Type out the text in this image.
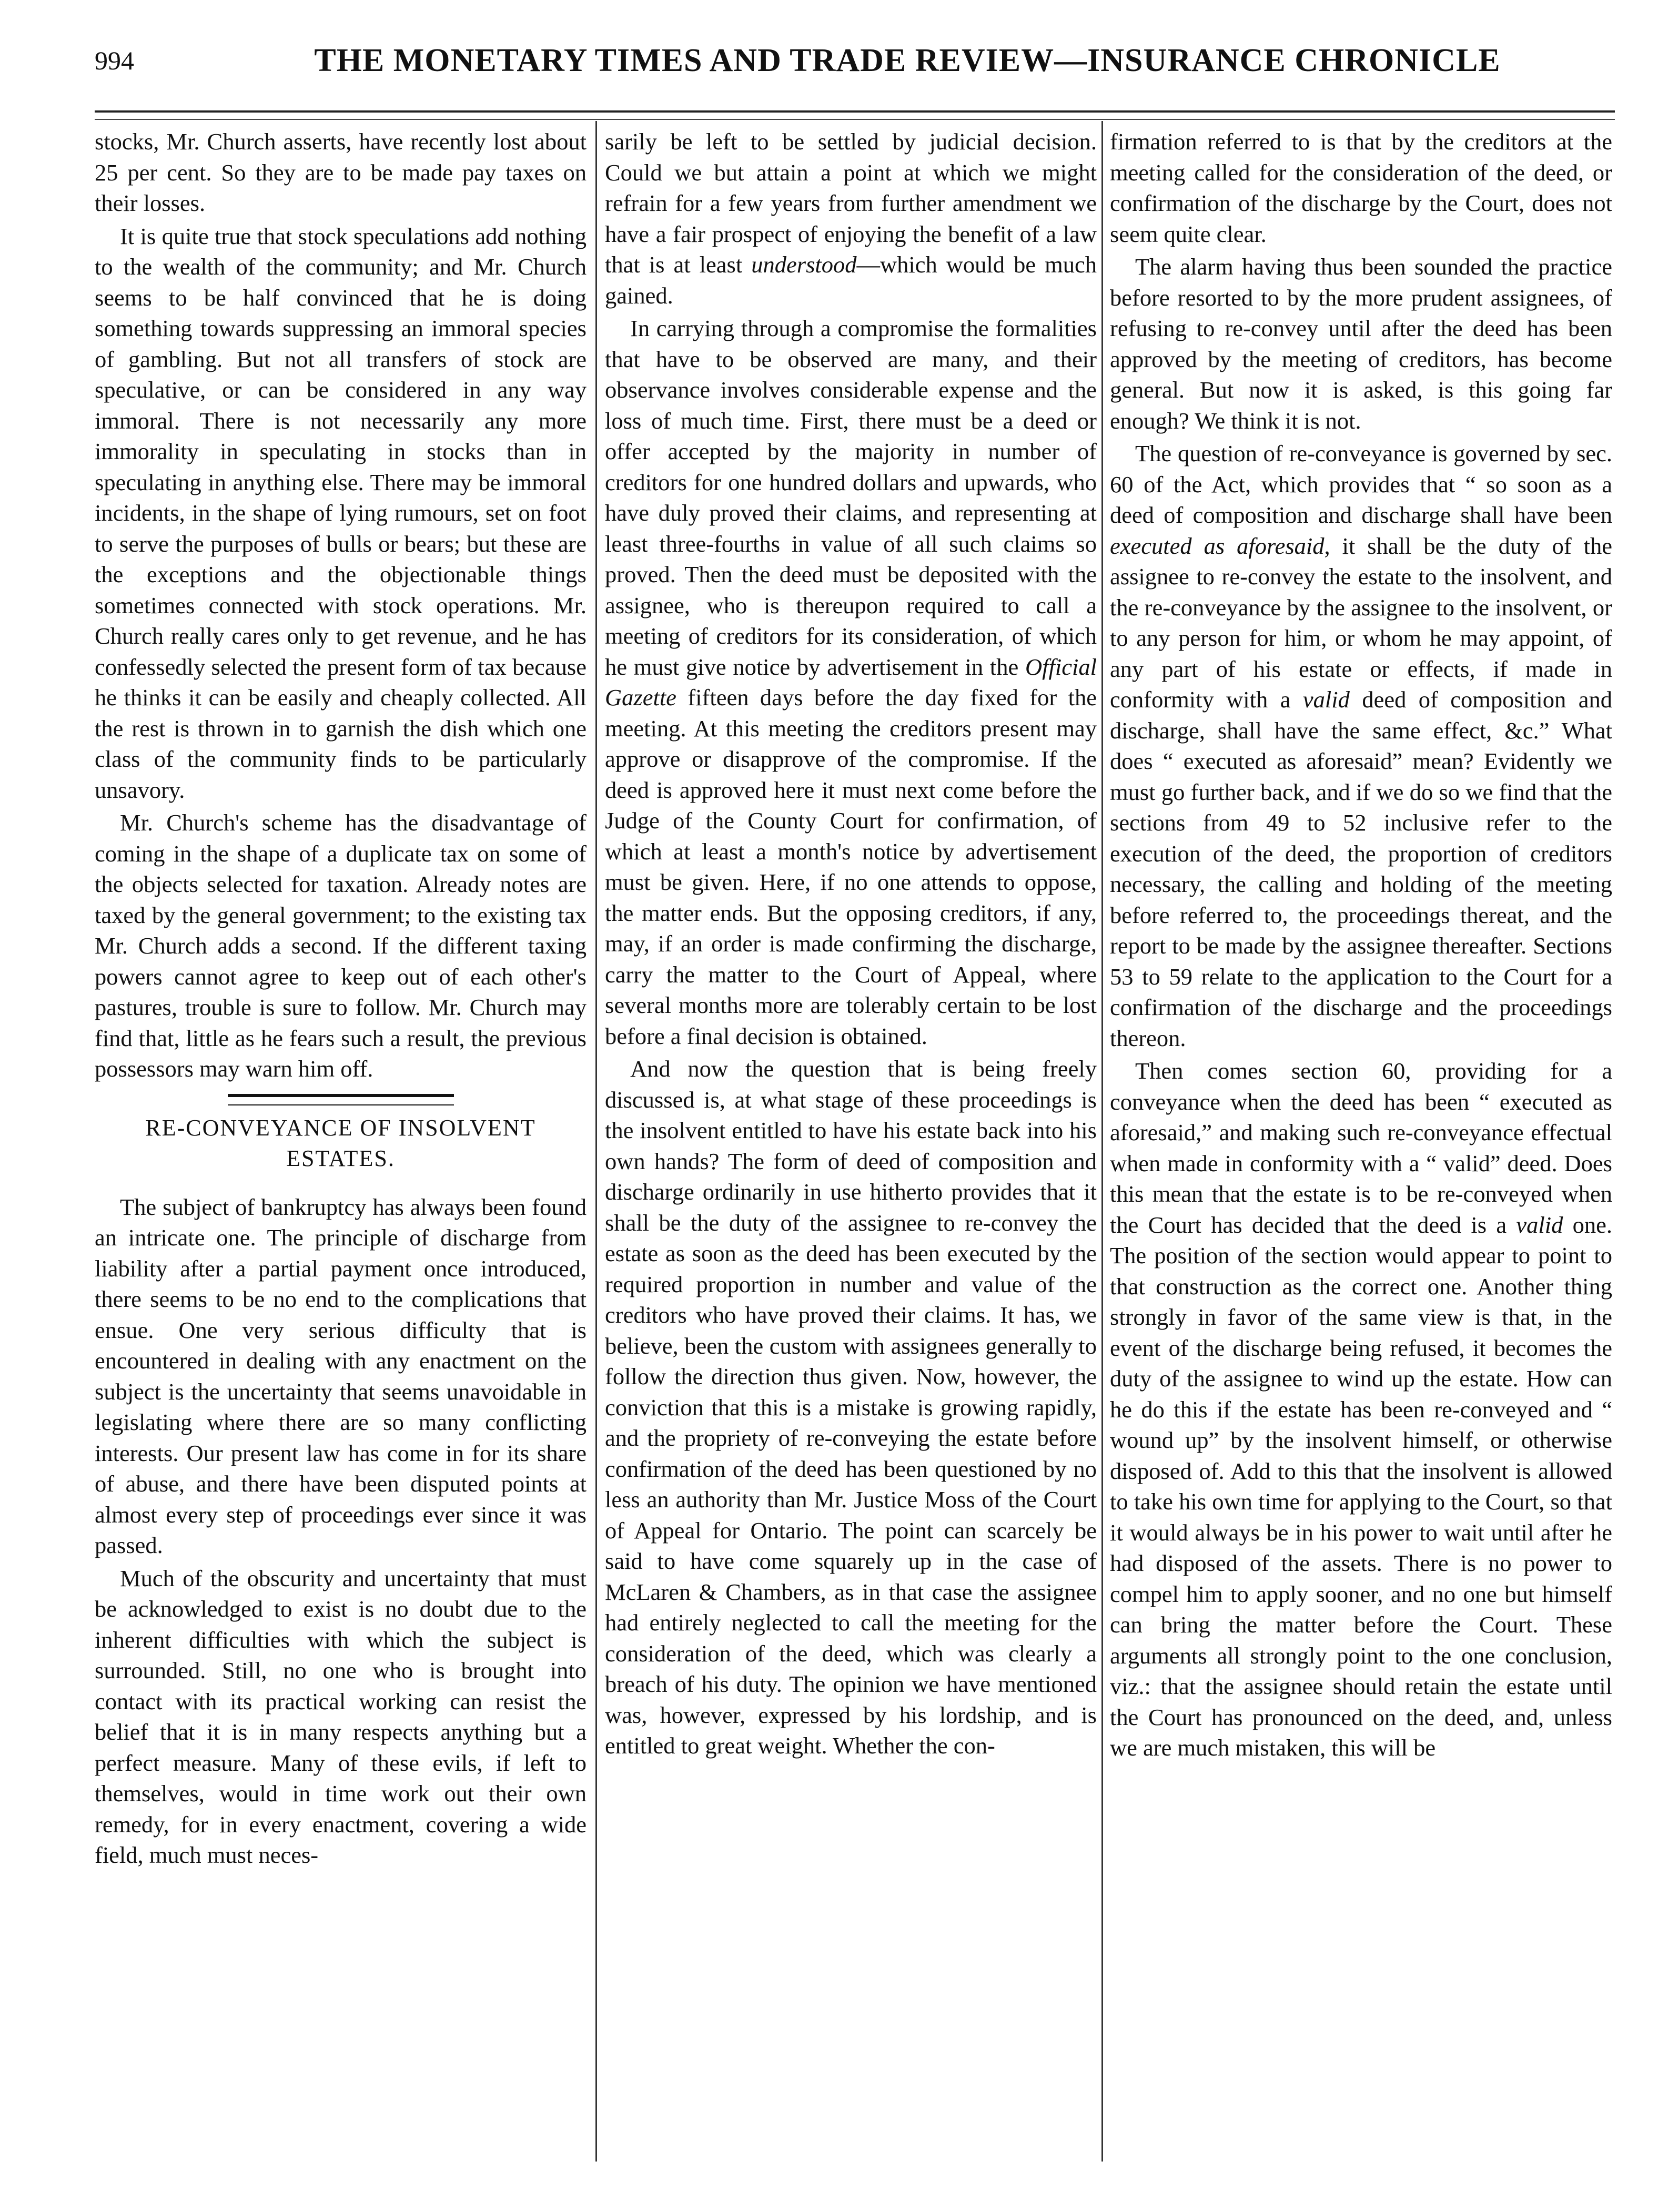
994	THE MONETARY TIMES AND TRADE REVIEW—INSURANCE CHRONICLE

stocks, Mr. Church asserts, have recently lost about 25 per cent. So they are to be made pay taxes on their losses.

It is quite true that stock speculations add nothing to the wealth of the community; and Mr. Church seems to be half convinced that he is doing something towards suppressing an immoral species of gambling. But not all transfers of stock are speculative, or can be considered in any way immoral. There is not necessarily any more immorality in speculating in stocks than in speculating in anything else. There may be immoral incidents, in the shape of lying rumours, set on foot to serve the purposes of bulls or bears; but these are the exceptions and the objectionable things sometimes connected with stock operations. Mr. Church really cares only to get revenue, and he has confessedly selected the present form of tax because he thinks it can be easily and cheaply collected. All the rest is thrown in to garnish the dish which one class of the community finds to be particularly unsavory.

Mr. Church's scheme has the disadvantage of coming in the shape of a duplicate tax on some of the objects selected for taxation. Already notes are taxed by the general government; to the existing tax Mr. Church adds a second. If the different taxing powers cannot agree to keep out of each other's pastures, trouble is sure to follow. Mr. Church may find that, little as he fears such a result, the previous possessors may warn him off.

RE-CONVEYANCE OF INSOLVENT ESTATES.

The subject of bankruptcy has always been found an intricate one. The principle of discharge from liability after a partial payment once introduced, there seems to be no end to the complications that ensue. One very serious difficulty that is encountered in dealing with any enactment on the subject is the uncertainty that seems unavoidable in legislating where there are so many conflicting interests. Our present law has come in for its share of abuse, and there have been disputed points at almost every step of proceedings ever since it was passed.

Much of the obscurity and uncertainty that must be acknowledged to exist is no doubt due to the inherent difficulties with which the subject is surrounded. Still, no one who is brought into contact with its practical working can resist the belief that it is in many respects anything but a perfect measure. Many of these evils, if left to themselves, would in time work out their own remedy, for in every enactment, covering a wide field, much must neces-

sarily be left to be settled by judicial decision. Could we but attain a point at which we might refrain for a few years from further amendment we have a fair prospect of enjoying the benefit of a law that is at least understood—which would be much gained.

In carrying through a compromise the formalities that have to be observed are many, and their observance involves considerable expense and the loss of much time. First, there must be a deed or offer accepted by the majority in number of creditors for one hundred dollars and upwards, who have duly proved their claims, and representing at least three-fourths in value of all such claims so proved. Then the deed must be deposited with the assignee, who is thereupon required to call a meeting of creditors for its consideration, of which he must give notice by advertisement in the Official Gazette fifteen days before the day fixed for the meeting. At this meeting the creditors present may approve or disapprove of the compromise. If the deed is approved here it must next come before the Judge of the County Court for confirmation, of which at least a month's notice by advertisement must be given. Here, if no one attends to oppose, the matter ends. But the opposing creditors, if any, may, if an order is made confirming the discharge, carry the matter to the Court of Appeal, where several months more are tolerably certain to be lost before a final decision is obtained.

And now the question that is being freely discussed is, at what stage of these proceedings is the insolvent entitled to have his estate back into his own hands? The form of deed of composition and discharge ordinarily in use hitherto provides that it shall be the duty of the assignee to re-convey the estate as soon as the deed has been executed by the required proportion in number and value of the creditors who have proved their claims. It has, we believe, been the custom with assignees generally to follow the direction thus given. Now, however, the conviction that this is a mistake is growing rapidly, and the propriety of re-conveying the estate before confirmation of the deed has been questioned by no less an authority than Mr. Justice Moss of the Court of Appeal for Ontario. The point can scarcely be said to have come squarely up in the case of McLaren & Chambers, as in that case the assignee had entirely neglected to call the meeting for the consideration of the deed, which was clearly a breach of his duty. The opinion we have mentioned was, however, expressed by his lordship, and is entitled to great weight. Whether the con-

firmation referred to is that by the creditors at the meeting called for the consideration of the deed, or confirmation of the discharge by the Court, does not seem quite clear.

The alarm having thus been sounded the practice before resorted to by the more prudent assignees, of refusing to re-convey until after the deed has been approved by the meeting of creditors, has become general. But now it is asked, is this going far enough? We think it is not.

The question of re-conveyance is governed by sec. 60 of the Act, which provides that “ so soon as a deed of composition and discharge shall have been executed as aforesaid, it shall be the duty of the assignee to re-convey the estate to the insolvent, and the re-conveyance by the assignee to the insolvent, or to any person for him, or whom he may appoint, of any part of his estate or effects, if made in conformity with a valid deed of composition and discharge, shall have the same effect, &c.” What does “ executed as aforesaid” mean? Evidently we must go further back, and if we do so we find that the sections from 49 to 52 inclusive refer to the execution of the deed, the proportion of creditors necessary, the calling and holding of the meeting before referred to, the proceedings thereat, and the report to be made by the assignee thereafter. Sections 53 to 59 relate to the application to the Court for a confirmation of the discharge and the proceedings thereon.

Then comes section 60, providing for a conveyance when the deed has been “ executed as aforesaid,” and making such re-conveyance effectual when made in conformity with a “ valid” deed. Does this mean that the estate is to be re-conveyed when the Court has decided that the deed is a valid one. The position of the section would appear to point to that construction as the correct one. Another thing strongly in favor of the same view is that, in the event of the discharge being refused, it becomes the duty of the assignee to wind up the estate. How can he do this if the estate has been re-conveyed and “ wound up” by the insolvent himself, or otherwise disposed of. Add to this that the insolvent is allowed to take his own time for applying to the Court, so that it would always be in his power to wait until after he had disposed of the assets. There is no power to compel him to apply sooner, and no one but himself can bring the matter before the Court. These arguments all strongly point to the one conclusion, viz.: that the assignee should retain the estate until the Court has pronounced on the deed, and, unless we are much mistaken, this will be
